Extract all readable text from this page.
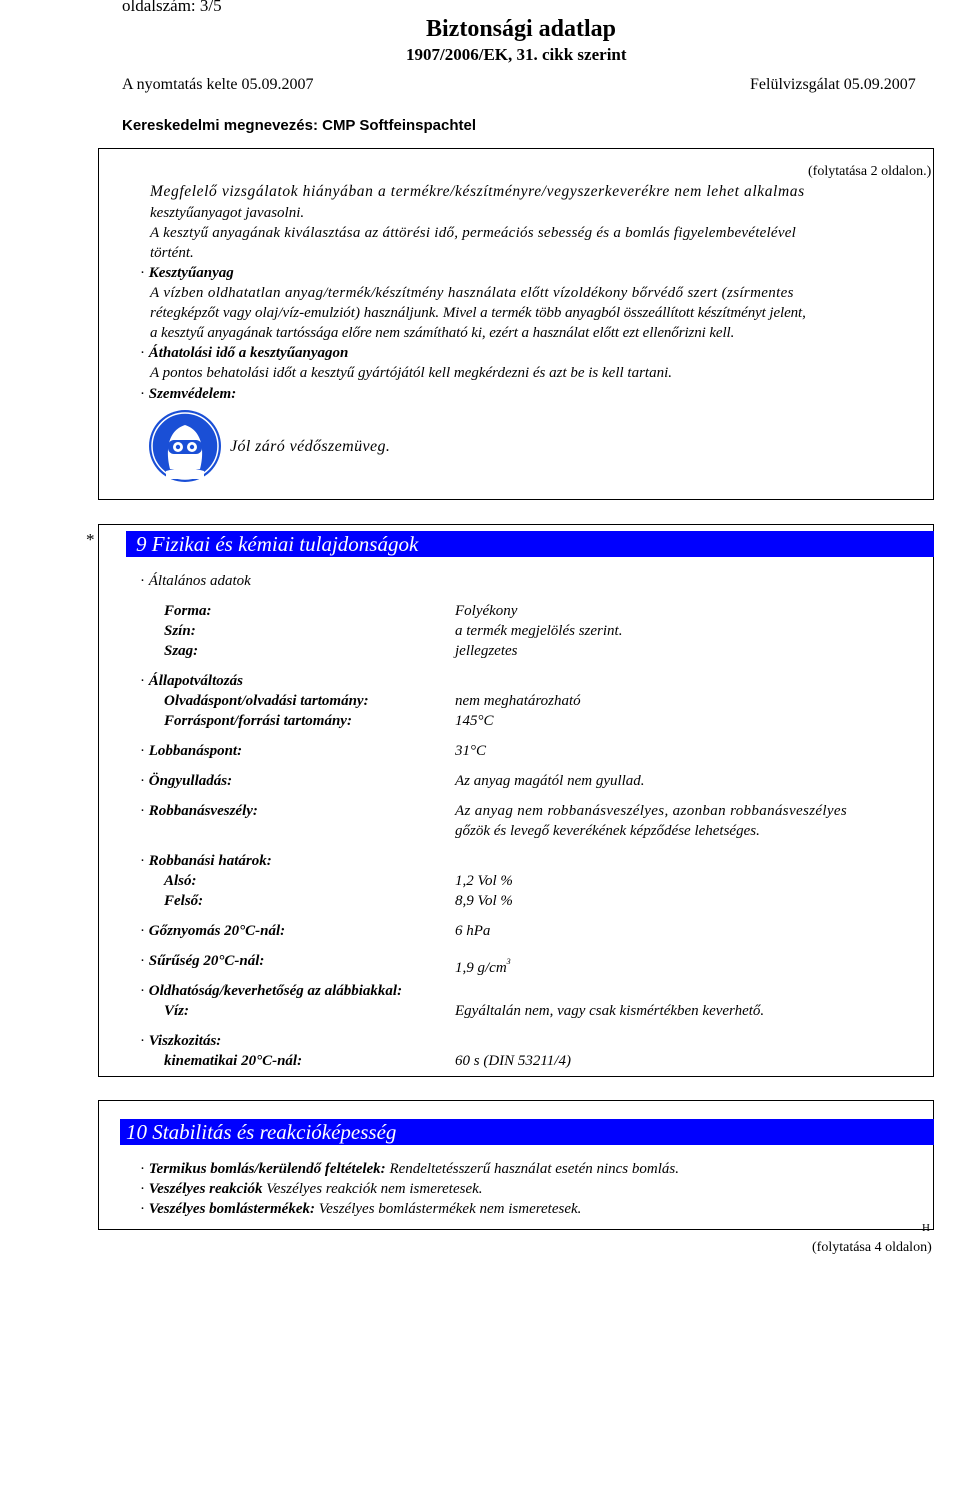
oldalszám: 3/5
Biztonsági adatlap
1907/2006/EK, 31. cikk szerint
A nyomtatás kelte 05.09.2007	Felülvizsgálat 05.09.2007
Kereskedelmi megnevezés: CMP Softfeinspachtel
(folytatása 2 oldalon.)
Megfelelő vizsgálatok hiányában a termékre/készítményre/vegyszerkeverékre nem lehet alkalmas
kesztyűanyagot javasolni.
A kesztyű anyagának kiválasztása az áttörési idő, permeációs sebesség és a bomlás figyelembevételével
történt.
· Kesztyűanyag
A vízben oldhatatlan anyag/termék/készítmény használata előtt vízoldékony bőrvédő szert (zsírmentes
rétegképzőt vagy olaj/víz-emulziót) használjunk. Mivel a termék több anyagból összeállított készítményt jelent,
a kesztyű anyagának tartóssága előre nem számítható ki, ezért a használat előtt ezt ellenőrizni kell.
· Áthatolási idő a kesztyűanyagon
A pontos behatolási időt a kesztyű gyártójától kell megkérdezni és azt be is kell tartani.
· Szemvédelem:
Jól záró védőszemüveg.
*	9 Fizikai és kémiai tulajdonságok
· Általános adatok
Forma:	Folyékony
Szín:	a termék megjelölés szerint.
Szag:	jellegzetes
· Állapotváltozás
Olvadáspont/olvadási tartomány:	nem meghatározható
Forráspont/forrási tartomány:	145°C
· Lobbanáspont:	31°C
· Öngyulladás:	Az anyag magától nem gyullad.
· Robbanásveszély:	Az anyag nem robbanásveszélyes, azonban robbanásveszélyes
gőzök és levegő keverékének képződése lehetséges.
· Robbanási határok:
Alsó:	1,2 Vol %
Felső:	8,9 Vol %
· Gőznyomás 20°C-nál:	6 hPa
· Sűrűség 20°C-nál:	1,9 $g/cm^3$
· Oldhatóság/keverhetőség az alábbiakkal:
Víz:	Egyáltalán nem, vagy csak kismértékben keverhető.
· Viszkozitás:
kinematikai 20°C-nál:	60 s (DIN 53211/4)
10 Stabilitás és reakcióképesség
· Termikus bomlás/kerülendő feltételek: Rendeltetésszerű használat esetén nincs bomlás.
· Veszélyes reakciók Veszélyes reakciók nem ismeretesek.
· Veszélyes bomlástermékek: Veszélyes bomlástermékek nem ismeretesek.
H
(folytatása 4 oldalon)
